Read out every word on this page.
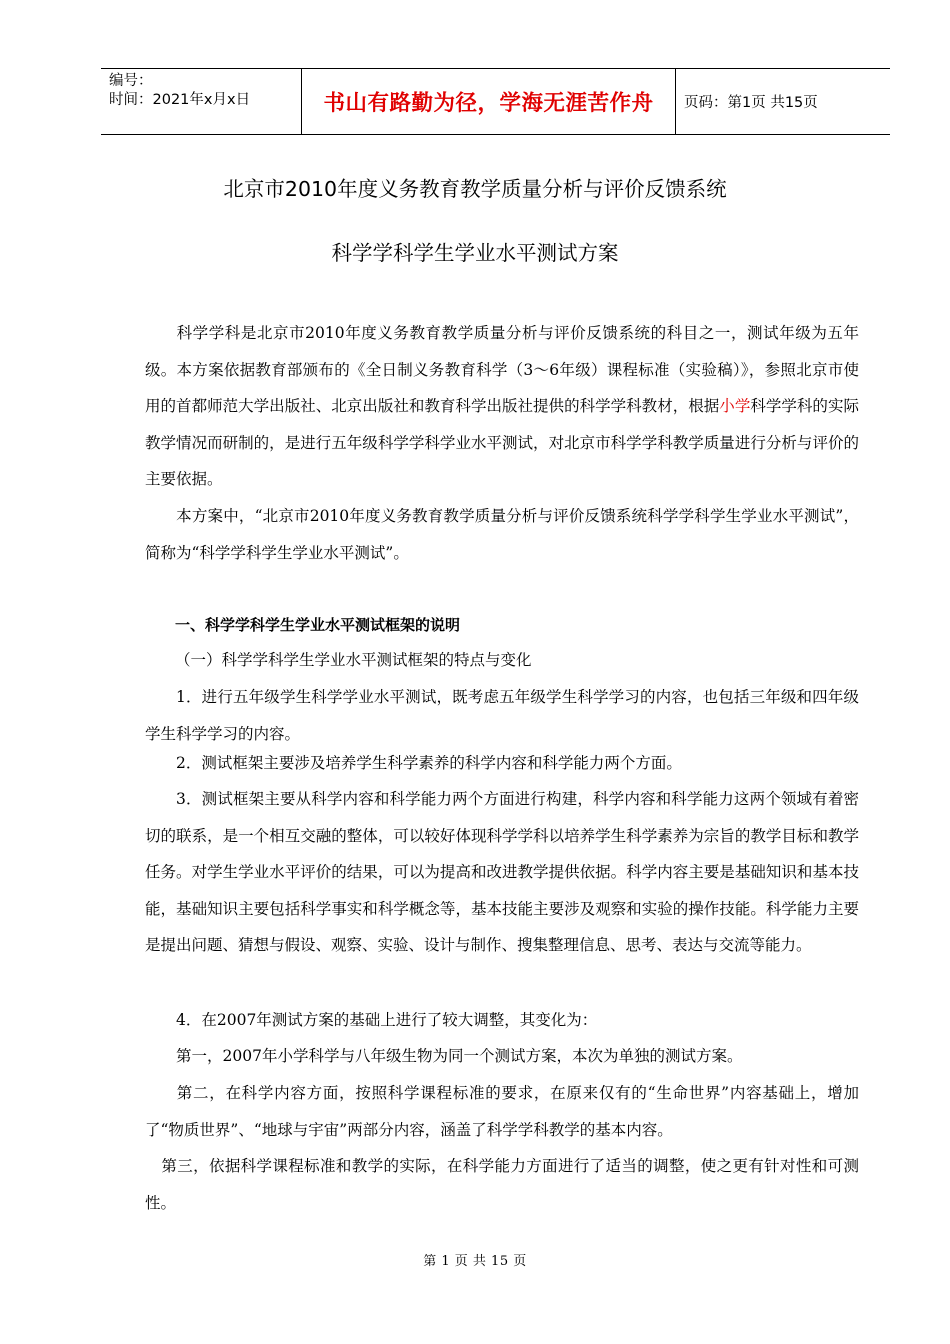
编号：
时间：2021年x月x日	书山有路勤为径，学海无涯苦作舟 页码：第1页 共15页
北京市2010年度义务教育教学质量分析与评价反馈系统
科学学科学生学业水平测试方案
科学学科是北京市2010年度义务教育教学质量分析与评价反馈系统的科目之一，测试年级为五年级。本方案依据教育部颁布的《全日制义务教育科学（3～6年级）课程标准（实验稿）》，参照北京市使用的首都师范大学出版社、北京出版社和教育科学出版社提供的科学学科教材，根据小学科学学科的实际教学情况而研制的，是进行五年级科学学科学业水平测试，对北京市科学学科教学质量进行分析与评价的主要依据。
本方案中，“北京市2010年度义务教育教学质量分析与评价反馈系统科学学科学生学业水平测试”，简称为“科学学科学生学业水平测试”。
一、科学学科学生学业水平测试框架的说明
（一）科学学科学生学业水平测试框架的特点与变化
1．进行五年级学生科学学业水平测试，既考虑五年级学生科学学习的内容，也包括三年级和四年级学生科学学习的内容。
2．测试框架主要涉及培养学生科学素养的科学内容和科学能力两个方面。
3．测试框架主要从科学内容和科学能力两个方面进行构建，科学内容和科学能力这两个领域有着密切的联系，是一个相互交融的整体，可以较好体现科学学科以培养学生科学素养为宗旨的教学目标和教学任务。对学生学业水平评价的结果，可以为提高和改进教学提供依据。科学内容主要是基础知识和基本技能，基础知识主要包括科学事实和科学概念等，基本技能主要涉及观察和实验的操作技能。科学能力主要是提出问题、猜想与假设、观察、实验、设计与制作、搜集整理信息、思考、表达与交流等能力。
4．在2007年测试方案的基础上进行了较大调整，其变化为：
第一，2007年小学科学与八年级生物为同一个测试方案，本次为单独的测试方案。
第二，在科学内容方面，按照科学课程标准的要求，在原来仅有的“生命世界”内容基础上，增加了“物质世界”、“地球与宇宙”两部分内容，涵盖了科学学科教学的基本内容。
第三，依据科学课程标准和教学的实际，在科学能力方面进行了适当的调整，使之更有针对性和可测性。
第 1 页 共 15 页
